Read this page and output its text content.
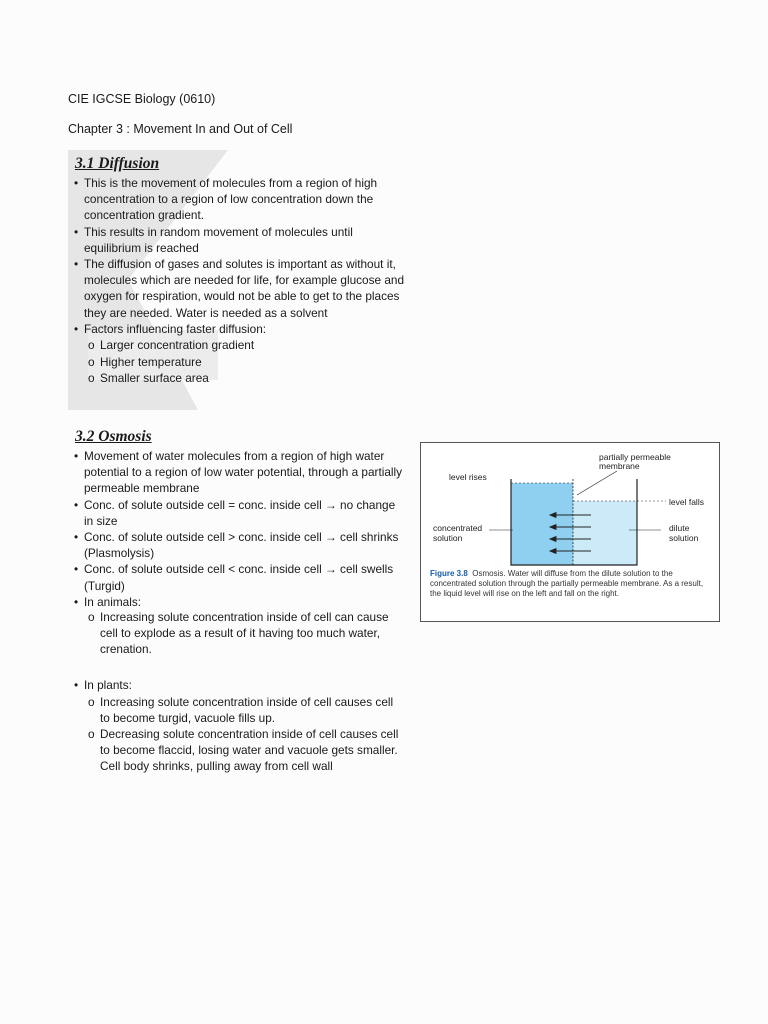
CIE IGCSE Biology (0610)
Chapter 3 : Movement In and Out of Cell
3.1 Diffusion
• This is the movement of molecules from a region of high concentration to a region of low concentration down the concentration gradient.
• This results in random movement of molecules until equilibrium is reached
• The diffusion of gases and solutes is important as without it, molecules which are needed for life, for example glucose and oxygen for respiration, would not be able to get to the places they are needed. Water is needed as a solvent
• Factors influencing faster diffusion:
o Larger concentration gradient
o Higher temperature
o Smaller surface area
3.2 Osmosis
• Movement of water molecules from a region of high water potential to a region of low water potential, through a partially permeable membrane
• Conc. of solute outside cell = conc. inside cell → no change in size
• Conc. of solute outside cell > conc. inside cell → cell shrinks (Plasmolysis)
• Conc. of solute outside cell < conc. inside cell → cell swells (Turgid)
• In animals:
o Increasing solute concentration inside of cell can cause cell to explode as a result of it having too much water, crenation.
• In plants:
o Increasing solute concentration inside of cell causes cell to become turgid, vacuole fills up.
o Decreasing solute concentration inside of cell causes cell to become flaccid, losing water and vacuole gets smaller. Cell body shrinks, pulling away from cell wall
partially permeable membrane
level rises
level falls
concentrated solution
dilute solution
Figure 3.8 Osmosis. Water will diffuse from the dilute solution to the concentrated solution through the partially permeable membrane. As a result, the liquid level will rise on the left and fall on the right.
